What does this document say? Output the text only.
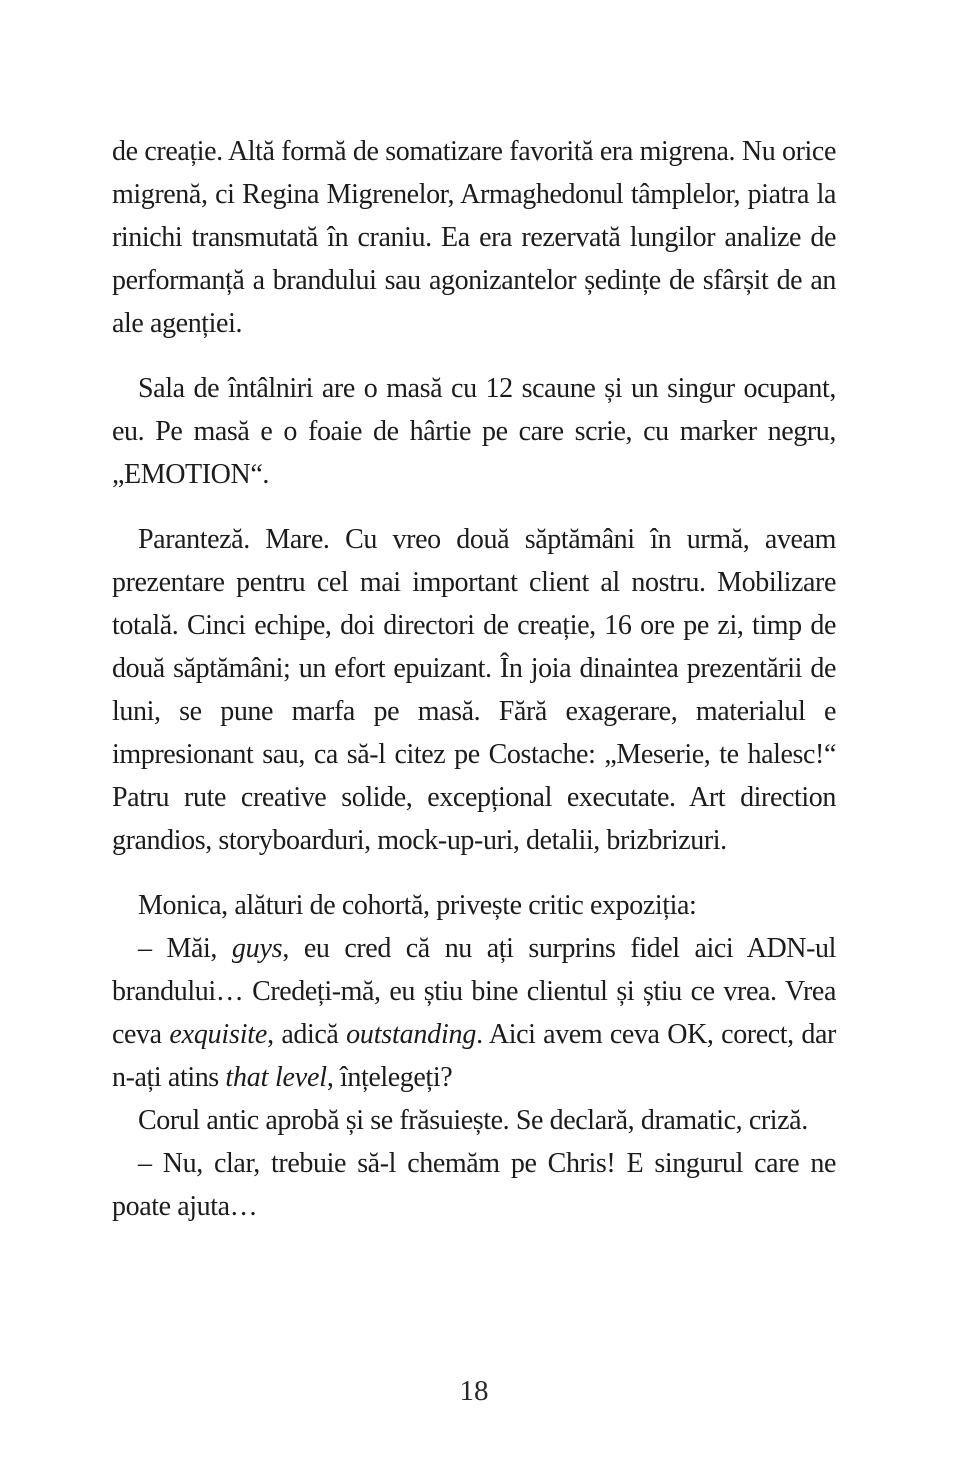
de creație. Altă formă de somatizare favorită era migrena. Nu orice migrenă, ci Regina Migrenelor, Armaghedonul tâmplelor, piatra la rinichi transmutată în craniu. Ea era rezervată lungilor analize de performanță a brandului sau agonizantelor ședințe de sfârșit de an ale agenției.

Sala de întâlniri are o masă cu 12 scaune și un singur ocupant, eu. Pe masă e o foaie de hârtie pe care scrie, cu marker negru, „EMOTION“.

Paranteză. Mare. Cu vreo două săptămâni în urmă, aveam prezentare pentru cel mai important client al nostru. Mobilizare totală. Cinci echipe, doi directori de creație, 16 ore pe zi, timp de două săptămâni; un efort epuizant. În joia dinaintea prezentării de luni, se pune marfa pe masă. Fără exagerare, materialul e impresionant sau, ca să-l citez pe Costache: „Meserie, te halesc!“ Patru rute creative solide, excepțional executate. Art direction grandios, storyboarduri, mock-up-uri, detalii, brizbrizuri.

Monica, alături de cohortă, privește critic expoziția:

– Măi, guys, eu cred că nu ați surprins fidel aici ADN-ul brandului… Credeți-mă, eu știu bine clientul și știu ce vrea. Vrea ceva exquisite, adică outstanding. Aici avem ceva OK, corect, dar n-ați atins that level, înțelegeți?

Corul antic aprobă și se frăsuiește. Se declară, dramatic, criză.

– Nu, clar, trebuie să-l chemăm pe Chris! E singurul care ne poate ajuta…

18
